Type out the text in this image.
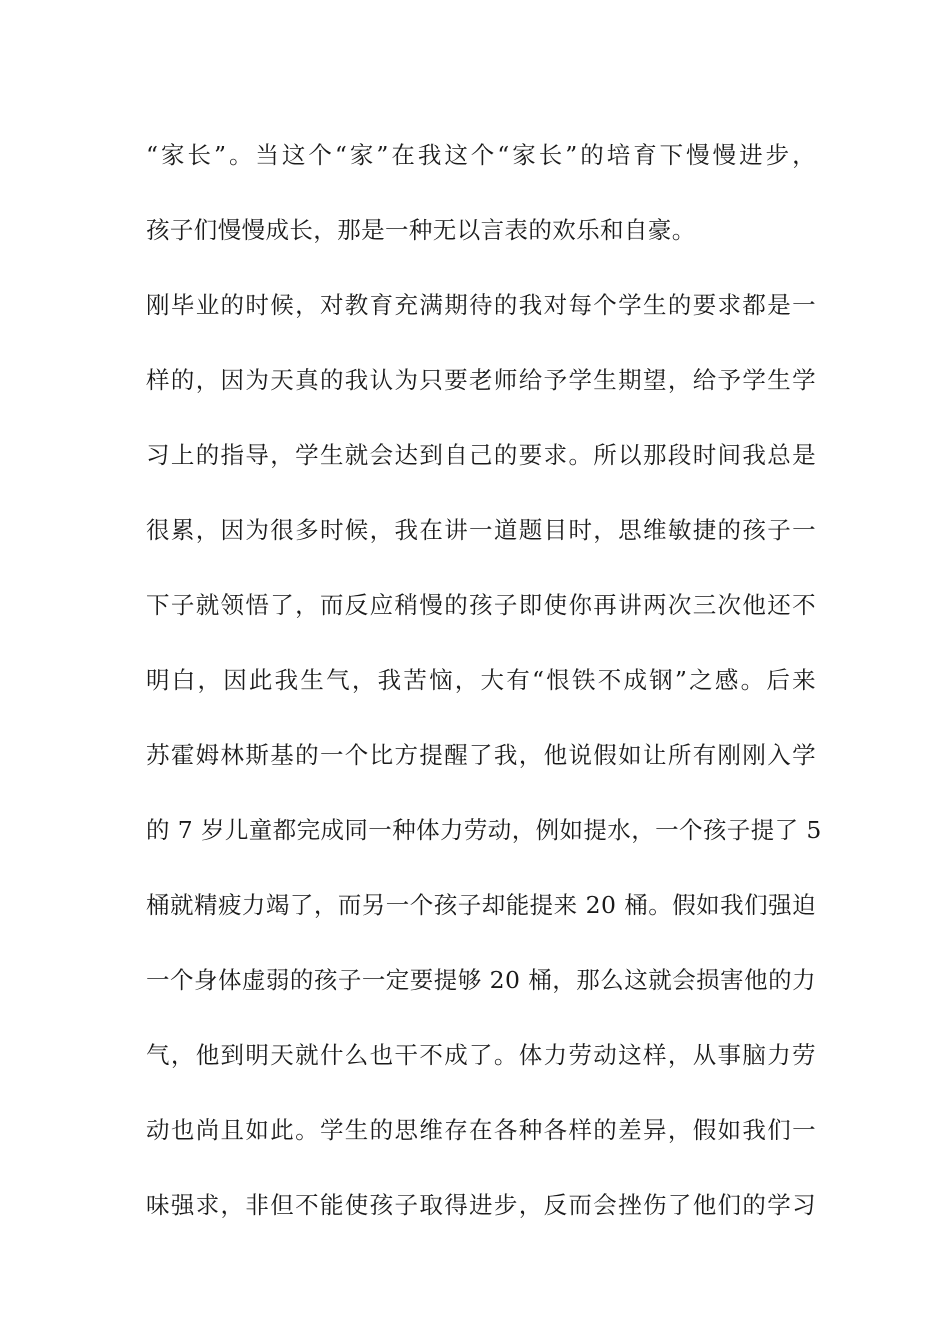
“家长”。当这个“家”在我这个“家长”的培育下慢慢进步，
孩子们慢慢成长，那是一种无以言表的欢乐和自豪。
刚毕业的时候，对教育充满期待的我对每个学生的要求都是一
样的，因为天真的我认为只要老师给予学生期望，给予学生学
习上的指导，学生就会达到自己的要求。所以那段时间我总是
很累，因为很多时候，我在讲一道题目时，思维敏捷的孩子一
下子就领悟了，而反应稍慢的孩子即使你再讲两次三次他还不
明白，因此我生气，我苦恼，大有“恨铁不成钢”之感。后来
苏霍姆林斯基的一个比方提醒了我，他说假如让所有刚刚入学
的 7 岁儿童都完成同一种体力劳动，例如提水，一个孩子提了 5
桶就精疲力竭了，而另一个孩子却能提来 20 桶。假如我们强迫
一个身体虚弱的孩子一定要提够 20 桶，那么这就会损害他的力
气，他到明天就什么也干不成了。体力劳动这样，从事脑力劳
动也尚且如此。学生的思维存在各种各样的差异，假如我们一
味强求，非但不能使孩子取得进步，反而会挫伤了他们的学习
